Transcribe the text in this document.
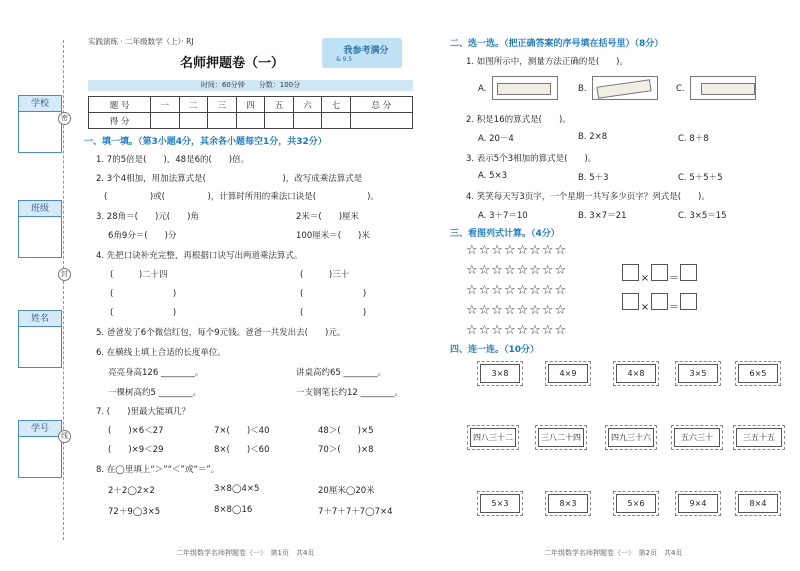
学校
班级
姓名
学号
密
封
线
实践演练 · 二年级数学（上）· RJ
名师押题卷（一）
我参考满分
& 9.5
时间：60分钟　　分数：100分
题 号	一	二	三	四	五	六	七	总 分
得 分								
一、填一填。（第3小题4分，其余各小题每空1分，共32分）
1. 7的5倍是(　　)，48是6的(　　)倍。
2. 3个4相加，用加法算式是(　　　　　　　　　)，改写成乘法算式是
(　　　　　)或(　　　　　)，计算时所用的乘法口诀是(　　　　　　)。
3. 28角＝(　　)元(　　)角	2米＝(　　)厘米
6角9分＝(　　)分	100厘米＝(　　)米
4. 先把口诀补充完整，再根据口诀写出两道乘法算式。
(　　　)二十四	(　　　)三十
(　　　　　　　)	(　　　　　　　)
(　　　　　　　)	(　　　　　　　)
5. 爸爸发了6个微信红包，每个9元钱。爸爸一共发出去(　　)元。
6. 在横线上填上合适的长度单位。
亮亮身高126 ________。	讲桌高约65 ________。
一棵树高约5 ________。	一支钢笔长约12 ________。
7. (　　)里最大能填几？
(　　)×6＜27	7×(　　)＜40	48＞(　　)×5
(　　)×9＜29	8×(　　)＜60	70＞(　　)×8
8. 在◯里填上“＞”“＜”或“＝”。
2＋2◯2×2	3×8◯4×5	20厘米◯20米
72＋9◯3×5	8×8◯16	7＋7＋7＋7◯7×4
二年级数学名师押题卷（一）　第1页　共4页
二、选一选。（把正确答案的序号填在括号里）（8分）
1. 如图所示中，测量方法正确的是(　　)。
A.	B.	C.
2. 积是16的算式是(　　)。
A. 20－4	B. 2×8	C. 8＋8
3. 表示5个3相加的算式是(　　)。
A. 5×3	B. 5＋3	C. 5＋5＋5
4. 笑笑每天写3页字，一个星期一共写多少页字？列式是(　　)。
A. 3＋7＝10	B. 3×7＝21	C. 3×5＝15
三、看图列式计算。（4分）
☆☆☆☆☆☆☆☆
☆☆☆☆☆☆☆☆
☆☆☆☆☆☆☆☆
☆☆☆☆☆☆☆☆
☆☆☆☆☆☆☆☆
× ＝
× ＝
四、连一连。（10分）
3×8	4×9	4×8	3×5	6×5
四八三十二	三八二十四	四九三十六	五六三十	三五十五
5×3	8×3	5×6	9×4	8×4
二年级数学名师押题卷（一）　第2页　共4页
